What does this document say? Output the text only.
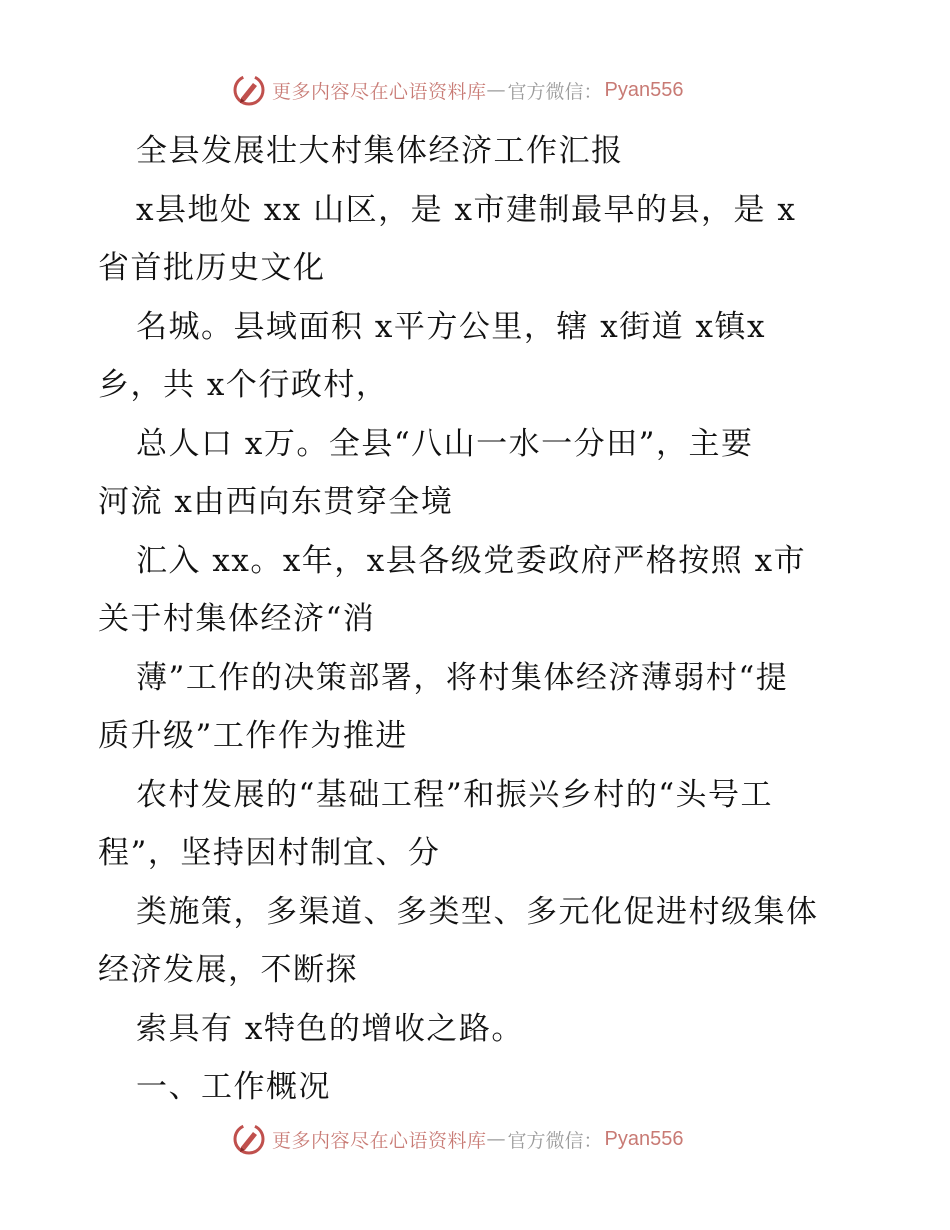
更多内容尽在心语资料库 — 官方微信： Pyan556
全县发展壮大村集体经济工作汇报
x县地处 xx 山区，是 x市建制最早的县，是 x
省首批历史文化
名城。县域面积 x平方公里，辖 x街道 x镇x
乡，共 x个行政村，
总人口 x万。全县“八山一水一分田”，主要
河流 x由西向东贯穿全境
汇入 xx。x年，x县各级党委政府严格按照 x市
关于村集体经济“消
薄”工作的决策部署，将村集体经济薄弱村“提
质升级”工作作为推进
农村发展的“基础工程”和振兴乡村的“头号工
程”，坚持因村制宜、分
类施策，多渠道、多类型、多元化促进村级集体
经济发展，不断探
索具有 x特色的增收之路。
一、工作概况
更多内容尽在心语资料库 — 官方微信： Pyan556
